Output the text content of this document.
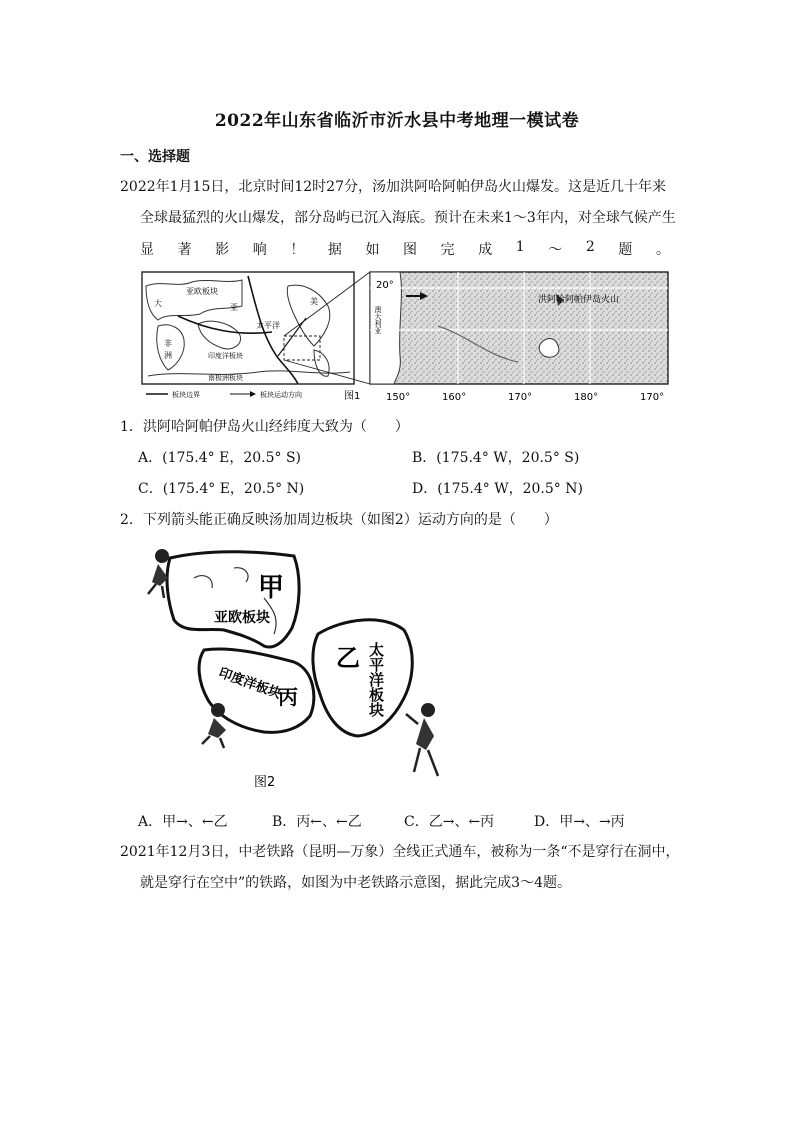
2022年山东省临沂市沂水县中考地理一模试卷
一、选择题
2022年1月15日，北京时间12时27分，汤加洪阿哈阿帕伊岛火山爆发。这是近几十年来
全球最猛烈的火山爆发，部分岛屿已沉入海底。预计在未来1～3年内，对全球气候产生
显 著 影 响 ！ 据 如 图 完 成 1 ～ 2 题 。
大
亚欧板块
亚
非
洲
太平洋
印度洋板块
南极洲板块
美
板块边界	板块运动方向	图1
20°
澳大利亚
洪阿哈阿帕伊岛火山
150°	160°	170°	180°	170°
1．洪阿哈阿帕伊岛火山经纬度大致为（　　）
A．(175.4° E，20.5° S)	B．(175.4° W，20.5° S)
C．(175.4° E，20.5° N)	D．(175.4° W，20.5° N)
2．下列箭头能正确反映汤加周边板块（如图2）运动方向的是（　　）
甲
亚欧板块
丙
印度洋板块
乙 太平洋板块
图2
A．甲→、←乙	B．丙←、←乙	C．乙→、←丙	D．甲→、→丙
2021年12月3日，中老铁路（昆明—万象）全线正式通车，被称为一条“不是穿行在洞中，
就是穿行在空中”的铁路，如图为中老铁路示意图，据此完成3～4题。
